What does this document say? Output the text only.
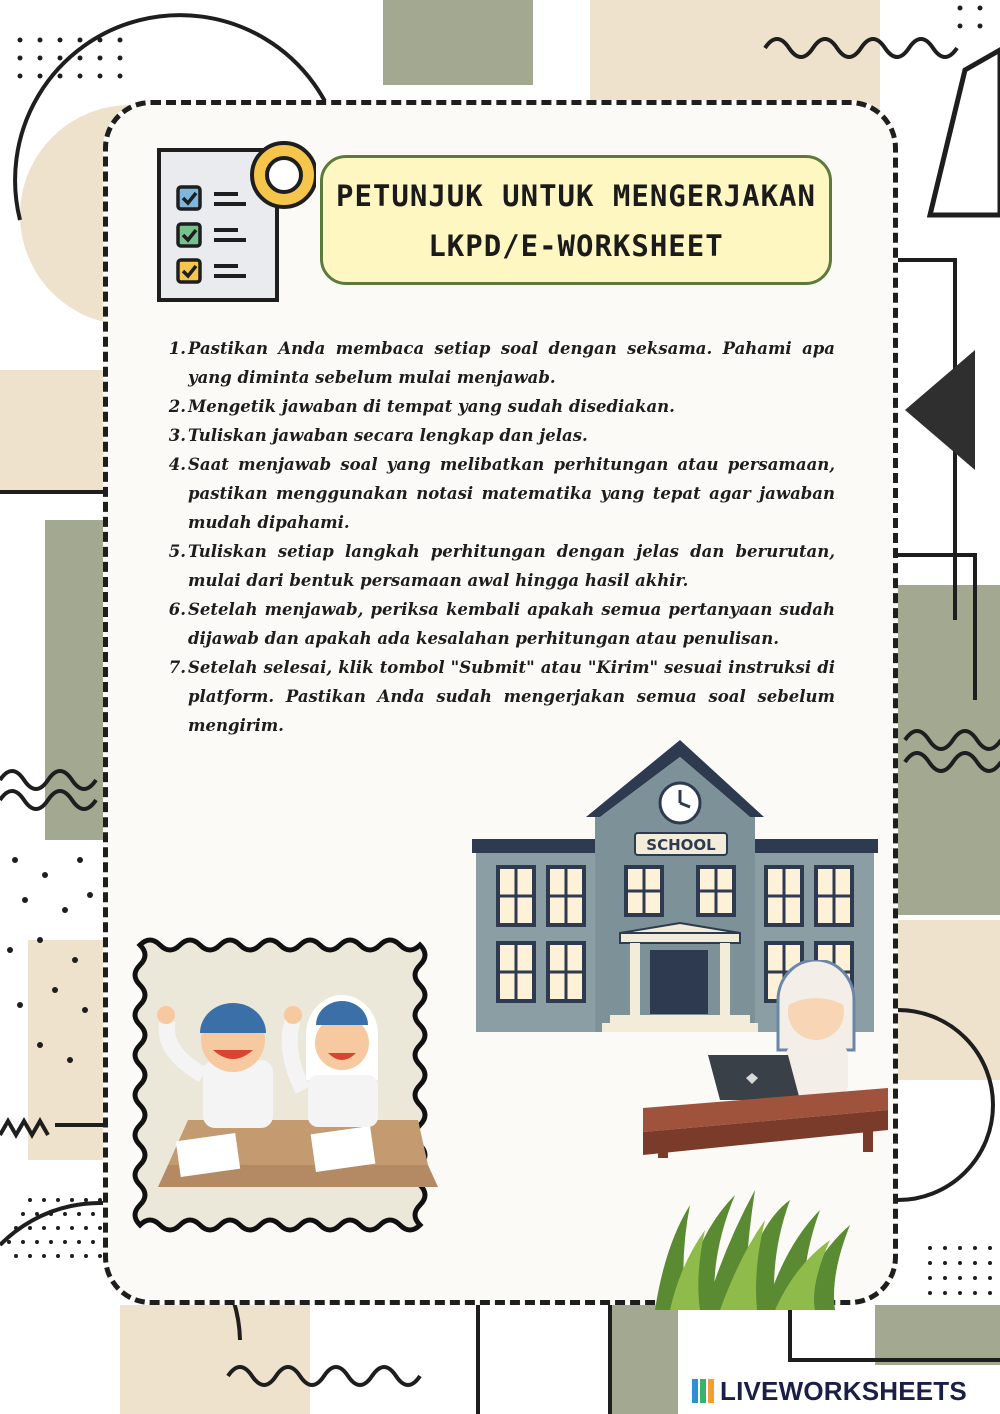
PETUNJUK UNTUK MENGERJAKAN
LKPD/E-WORKSHEET
1. Pastikan Anda membaca setiap soal dengan seksama. Pahami apa yang diminta sebelum mulai menjawab.
2. Mengetik jawaban di tempat yang sudah disediakan.
3. Tuliskan jawaban secara lengkap dan jelas.
4. Saat menjawab soal yang melibatkan perhitungan atau persamaan, pastikan menggunakan notasi matematika yang tepat agar jawaban mudah dipahami.
5. Tuliskan setiap langkah perhitungan dengan jelas dan berurutan, mulai dari bentuk persamaan awal hingga hasil akhir.
6. Setelah menjawab, periksa kembali apakah semua pertanyaan sudah dijawab dan apakah ada kesalahan perhitungan atau penulisan.
7. Setelah selesai, klik tombol "Submit" atau "Kirim" sesuai instruksi di platform. Pastikan Anda sudah mengerjakan semua soal sebelum mengirim.
SCHOOL
LIVEWORKSHEETS
